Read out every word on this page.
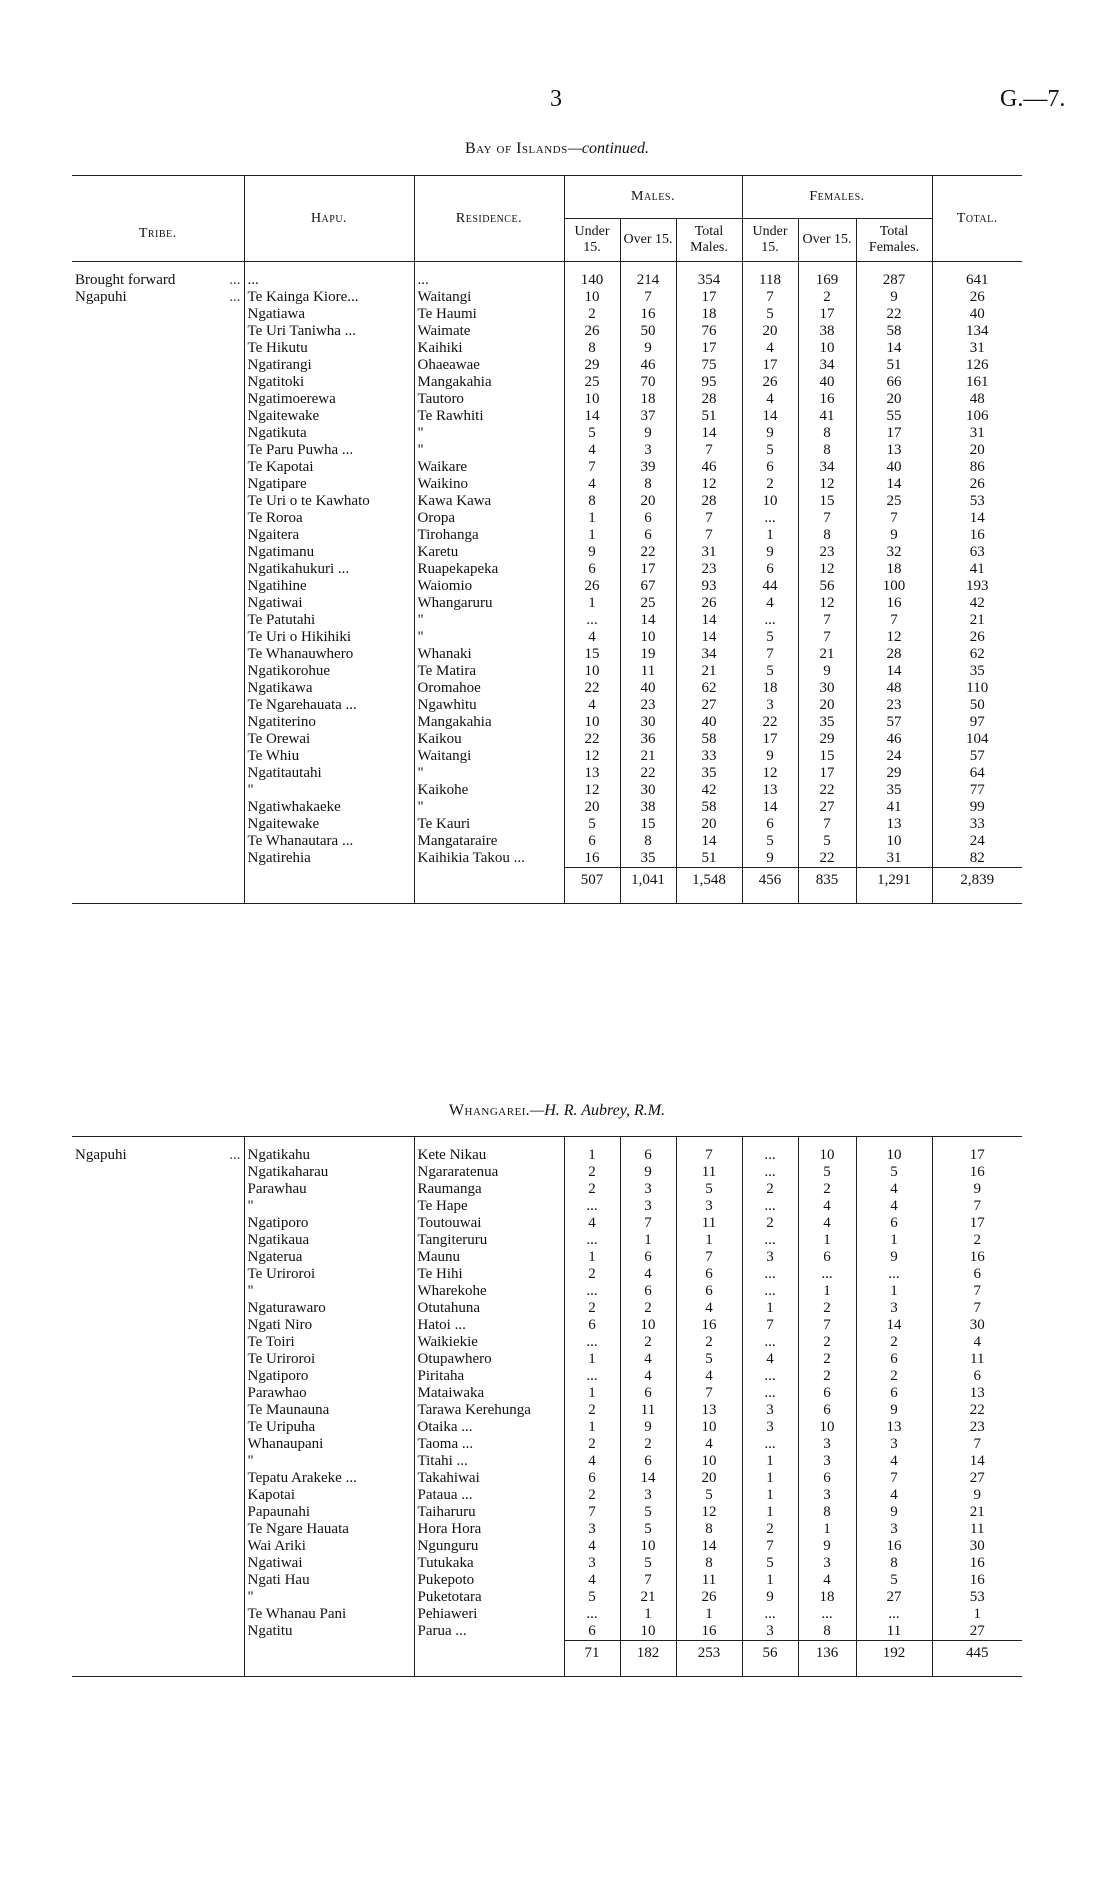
3	G.—7.
Bay of Islands—continued.
Tribe.	Hapu.	Residence.	Males.			Females.			Total.
			Under 15.	Over 15.	Total Males.	Under 15.	Over 15.	Total Females.	

Brought forward ...	...	...	140	214	354	118	169	287	641

Ngapuhi ...	Te Kainga Kiore...	Waitangi	10	7	17	7	2	9	26

	Ngatiawa	Te Haumi	2	16	18	5	17	22	40

	Te Uri Taniwha ...	Waimate	26	50	76	20	38	58	134

	Te Hikutu	Kaihiki	8	9	17	4	10	14	31

	Ngatirangi	Ohaeawae	29	46	75	17	34	51	126

	Ngatitoki	Mangakahia	25	70	95	26	40	66	161

	Ngatimoerewa	Tautoro	10	18	28	4	16	20	48

	Ngaitewake	Te Rawhiti	14	37	51	14	41	55	106

	Ngatikuta	"	5	9	14	9	8	17	31

	Te Paru Puwha ...	"	4	3	7	5	8	13	20

	Te Kapotai	Waikare	7	39	46	6	34	40	86

	Ngatipare	Waikino	4	8	12	2	12	14	26

	Te Uri o te Kawhato	Kawa Kawa	8	20	28	10	15	25	53

	Te Roroa	Oropa	1	6	7	...	7	7	14

	Ngaitera	Tirohanga	1	6	7	1	8	9	16

	Ngatimanu	Karetu	9	22	31	9	23	32	63

	Ngatikahukuri ...	Ruapekapeka	6	17	23	6	12	18	41

	Ngatihine	Waiomio	26	67	93	44	56	100	193

	Ngatiwai	Whangaruru	1	25	26	4	12	16	42

	Te Patutahi	"	...	14	14	...	7	7	21

	Te Uri o Hikihiki	"	4	10	14	5	7	12	26

	Te Whanauwhero	Whanaki	15	19	34	7	21	28	62

	Ngatikorohue	Te Matira	10	11	21	5	9	14	35

	Ngatikawa	Oromahoe	22	40	62	18	30	48	110

	Te Ngarehauata ...	Ngawhitu	4	23	27	3	20	23	50

	Ngatiterino	Mangakahia	10	30	40	22	35	57	97

	Te Orewai	Kaikou	22	36	58	17	29	46	104

	Te Whiu	Waitangi	12	21	33	9	15	24	57

	Ngatitautahi	"	13	22	35	12	17	29	64

	"	Kaikohe	12	30	42	13	22	35	77

	Ngatiwhakaeke	"	20	38	58	14	27	41	99

	Ngaitewake	Te Kauri	5	15	20	6	7	13	33

	Te Whanautara ...	Mangataraire	6	8	14	5	5	10	24

	Ngatirehia	Kaihikia Takou ...	16	35	51	9	22	31	82
			507	1,041	1,548	456	835	1,291	2,839
Whangarei.—H. R. Aubrey, R.M.

Ngapuhi ...	Ngatikahu	Kete Nikau	1	6	7	...	10	10	17

	Ngatikaharau	Ngararatenua	2	9	11	...	5	5	16

	Parawhau	Raumanga	2	3	5	2	2	4	9

	"	Te Hape	...	3	3	...	4	4	7

	Ngatiporo	Toutouwai	4	7	11	2	4	6	17

	Ngatikaua	Tangiteruru	...	1	1	...	1	1	2

	Ngaterua	Maunu	1	6	7	3	6	9	16

	Te Uriroroi	Te Hihi	2	4	6	...	...	...	6

	"	Wharekohe	...	6	6	...	1	1	7

	Ngaturawaro	Otutahuna	2	2	4	1	2	3	7

	Ngati Niro	Hatoi ...	6	10	16	7	7	14	30

	Te Toiri	Waikiekie	...	2	2	...	2	2	4

	Te Uriroroi	Otupawhero	1	4	5	4	2	6	11

	Ngatiporo	Piritaha	...	4	4	...	2	2	6

	Parawhao	Mataiwaka	1	6	7	...	6	6	13

	Te Maunauna	Tarawa Kerehunga	2	11	13	3	6	9	22

	Te Uripuha	Otaika ...	1	9	10	3	10	13	23

	Whanaupani	Taoma ...	2	2	4	...	3	3	7

	"	Titahi ...	4	6	10	1	3	4	14

	Tepatu Arakeke ...	Takahiwai	6	14	20	1	6	7	27

	Kapotai	Pataua ...	2	3	5	1	3	4	9

	Papaunahi	Taiharuru	7	5	12	1	8	9	21

	Te Ngare Hauata	Hora Hora	3	5	8	2	1	3	11

	Wai Ariki	Ngunguru	4	10	14	7	9	16	30

	Ngatiwai	Tutukaka	3	5	8	5	3	8	16

	Ngati Hau	Pukepoto	4	7	11	1	4	5	16

	"	Puketotara	5	21	26	9	18	27	53

	Te Whanau Pani	Pehiaweri	...	1	1	...	...	...	1

	Ngatitu	Parua ...	6	10	16	3	8	11	27
			71	182	253	56	136	192	445
